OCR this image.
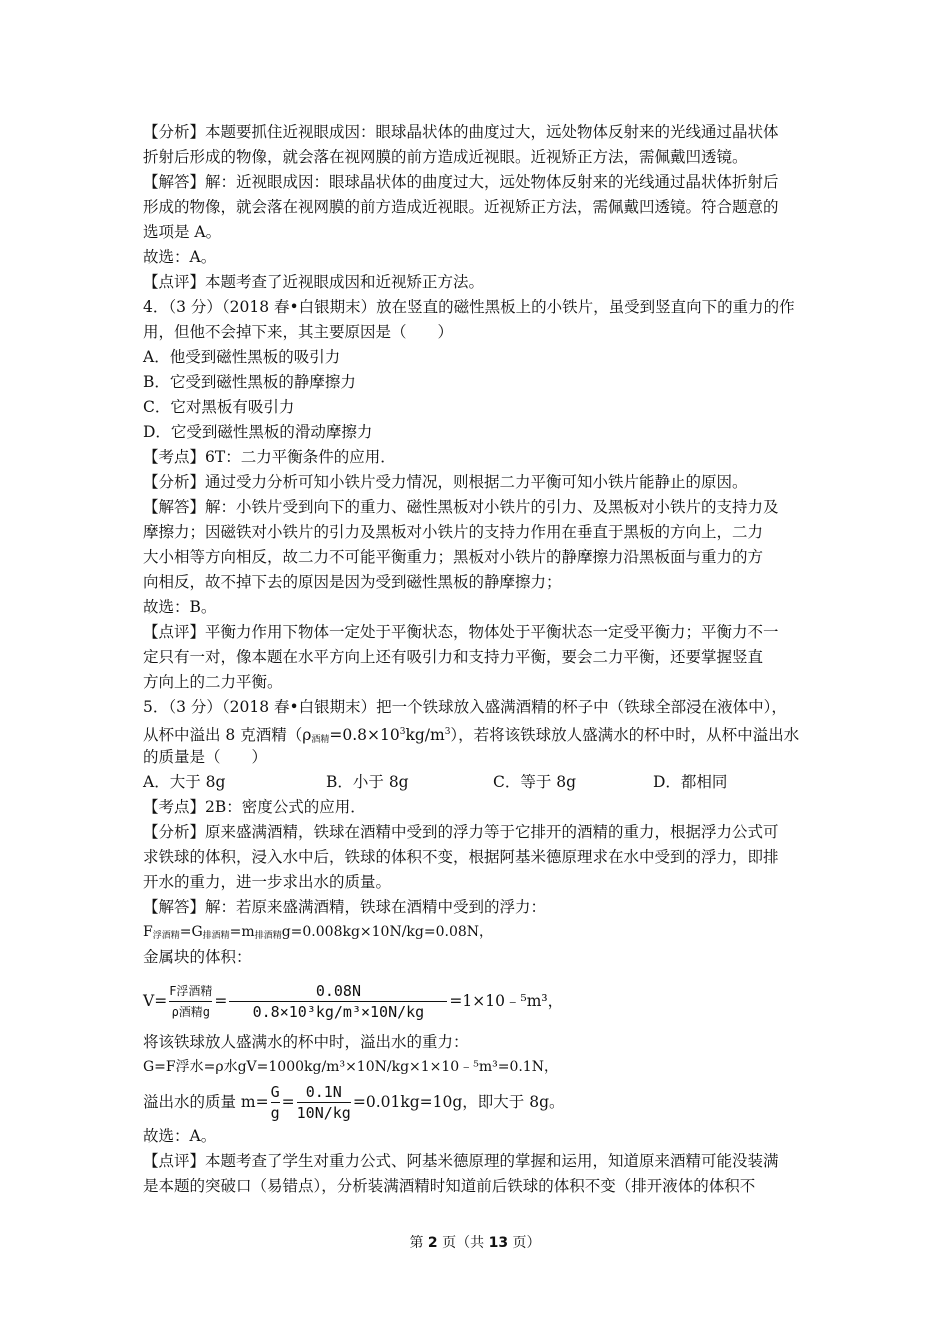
【分析】本题要抓住近视眼成因：眼球晶状体的曲度过大，远处物体反射来的光线通过晶状体
折射后形成的物像，就会落在视网膜的前方造成近视眼。近视矫正方法，需佩戴凹透镜。
【解答】解：近视眼成因：眼球晶状体的曲度过大，远处物体反射来的光线通过晶状体折射后
形成的物像，就会落在视网膜的前方造成近视眼。近视矫正方法，需佩戴凹透镜。符合题意的
选项是 A。
故选：A。
【点评】本题考查了近视眼成因和近视矫正方法。
4．（3 分）（2018 春•白银期末）放在竖直的磁性黑板上的小铁片，虽受到竖直向下的重力的作
用，但他不会掉下来，其主要原因是（　　）
A．他受到磁性黑板的吸引力
B．它受到磁性黑板的静摩擦力
C．它对黑板有吸引力
D．它受到磁性黑板的滑动摩擦力
【考点】6T：二力平衡条件的应用．
【分析】通过受力分析可知小铁片受力情况，则根据二力平衡可知小铁片能静止的原因。
【解答】解：小铁片受到向下的重力、磁性黑板对小铁片的引力、及黑板对小铁片的支持力及
摩擦力；因磁铁对小铁片的引力及黑板对小铁片的支持力作用在垂直于黑板的方向上，二力
大小相等方向相反，故二力不可能平衡重力；黑板对小铁片的静摩擦力沿黑板面与重力的方
向相反，故不掉下去的原因是因为受到磁性黑板的静摩擦力；
故选：B。
【点评】平衡力作用下物体一定处于平衡状态，物体处于平衡状态一定受平衡力；平衡力不一
定只有一对，像本题在水平方向上还有吸引力和支持力平衡，要会二力平衡，还要掌握竖直
方向上的二力平衡。
5．（3 分）（2018 春•白银期末）把一个铁球放入盛满酒精的杯子中（铁球全部浸在液体中），
从杯中溢出 8 克酒精$(\rho_{酒精}=0.8\times 10^3kg/m^3)$，若将该铁球放人盛满水的杯中时，从杯中溢出水
的质量是（　　）
A．大于 8g	B．小于 8g	C．等于 8g	D．都相同
【考点】2B：密度公式的应用．
【分析】原来盛满酒精，铁球在酒精中受到的浮力等于它排开的酒精的重力，根据浮力公式可
求铁球的体积，浸入水中后，铁球的体积不变，根据阿基米德原理求在水中受到的浮力，即排
开水的重力，进一步求出水的质量。
【解答】解：若原来盛满酒精，铁球在酒精中受到的浮力：
$F_{浮酒精}=G_{排酒精}=m_{排酒精}g=0.008kg\times 10N/kg=0.08N$，
金属块的体积：
$V= \frac{\text{F浮酒精}}{\text{ρ酒精g}} = \frac{0.08N}{\text{0.8×10³kg/m³×10N/kg}}$ =1×10﹣⁵m³，
将该铁球放人盛满水的杯中时，溢出水的重力：
G=F浮水=ρ水gV=1000kg/m³×10N/kg×1×10﹣⁵m³=0.1N，
溢出水的质量 $m= \frac{G}{g} = \frac{0.1N}{10N/kg} =0.01kg=10g$，即大于 8g。
故选：A。
【点评】本题考查了学生对重力公式、阿基米德原理的掌握和运用，知道原来酒精可能没装满
是本题的突破口（易错点），分析装满酒精时知道前后铁球的体积不变（排开液体的体积不
第 2 页（共 13 页）
